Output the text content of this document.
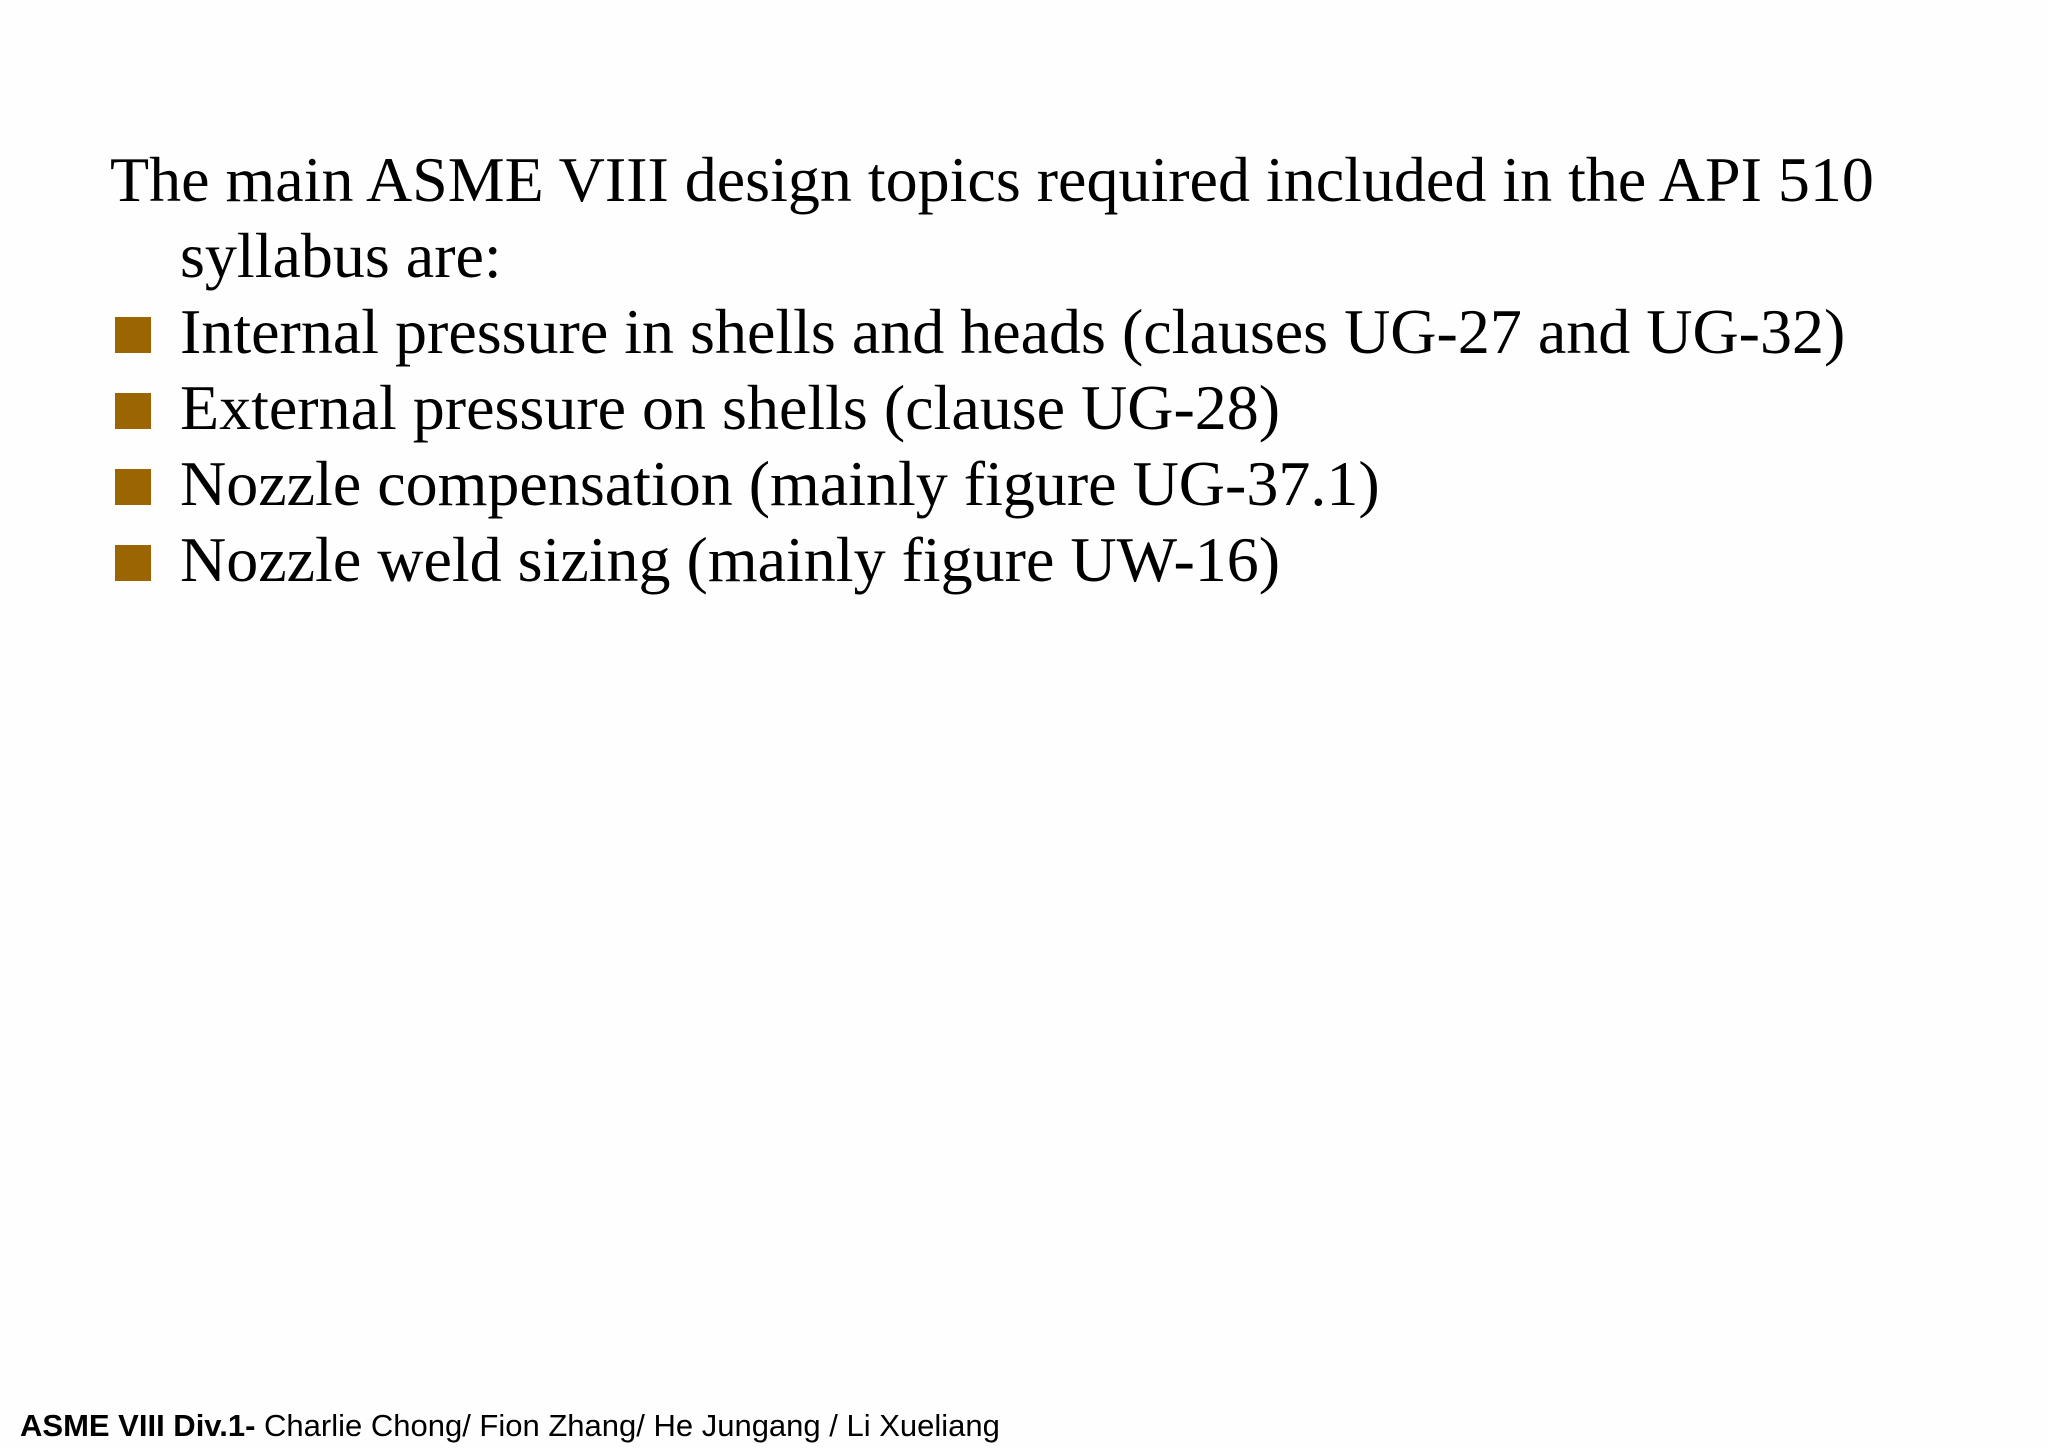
The main ASME VIII design topics required included in the API 510 syllabus are:

Internal pressure in shells and heads (clauses UG-27 and UG-32)
External pressure on shells (clause UG-28)
Nozzle compensation (mainly figure UG-37.1)
Nozzle weld sizing (mainly figure UW-16)
ASME VIII Div.1- Charlie Chong/ Fion Zhang/ He Jungang / Li Xueliang
